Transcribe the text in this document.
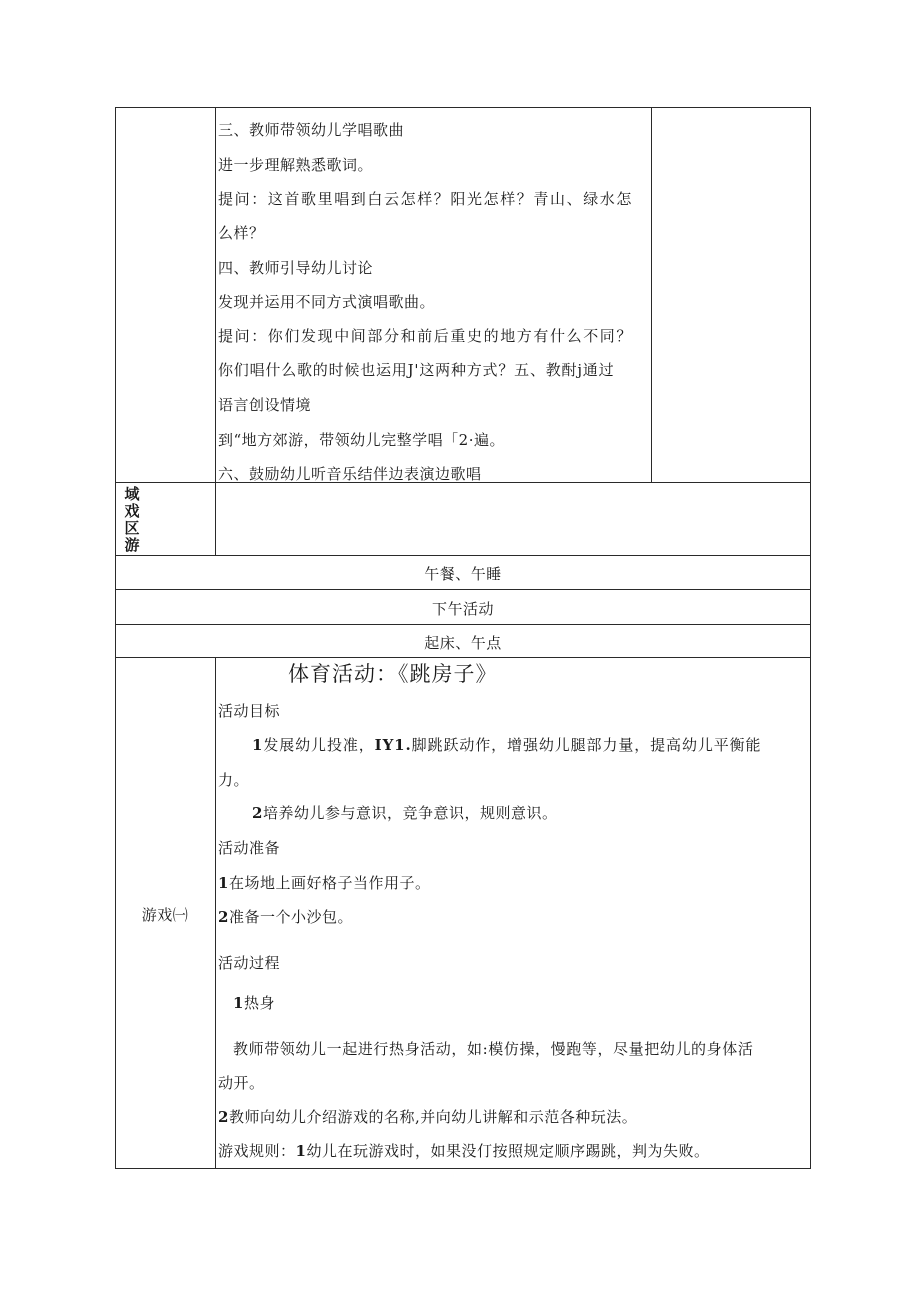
三、教师带领幼儿学唱歌曲
进一步理解熟悉歌词。
提问：这首歌里唱到白云怎样？阳光怎样？青山、绿水怎
么样？
四、教师引导幼儿讨论
发现并运用不同方式演唱歌曲。
提问：你们发现中间部分和前后重史的地方有什么不同？
你们唱什么歌的时候也运用J'这两种方式？五、教酎j通过
语言创设情境
到“地方郊游，带领幼儿完整学唱「2·遍。
六、鼓励幼儿听音乐结伴边表演边歌唱
域
戏
区
游
午餐、午睡
下午活动
起床、午点
游戏㈠
体育活动：《跳房子》
活动目标
1发展幼儿投准，IY1.脚跳跃动作，增强幼儿腿部力量，提高幼儿平衡能
力。
2培养幼儿参与意识，竞争意识，规则意识。
活动准备
1在场地上画好格子当作用子。
2准备一个小沙包。
活动过程
1热身
教师带领幼儿一起进行热身活动，如:模仿操，慢跑等，尽量把幼儿的身体活
动开。
2教师向幼儿介绍游戏的名称,并向幼儿讲解和示范各种玩法。
游戏规则：1幼儿在玩游戏时，如果没仃按照规定顺序踢跳，判为失败。
